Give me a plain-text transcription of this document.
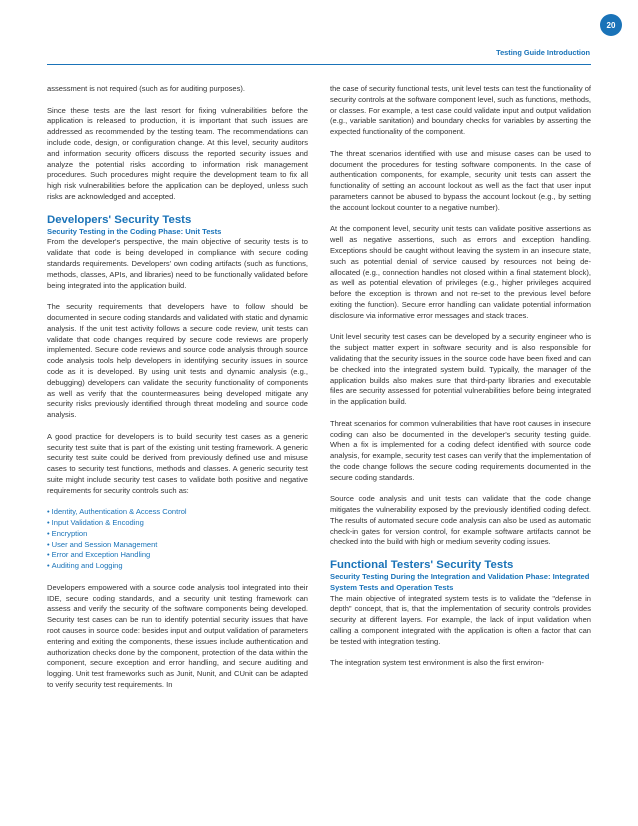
20
Testing Guide Introduction

assessment is not required (such as for auditing purposes).

Since these tests are the last resort for fixing vulnerabilities before the application is released to production, it is important that such issues are addressed as recommended by the testing team. The recommendations can include code, design, or configuration change. At this level, security auditors and information security officers discuss the reported security issues and analyze the potential risks according to information risk management procedures. Such procedures might require the development team to fix all high risk vulnerabilities before the application can be deployed, unless such risks are acknowledged and accepted.

Developers' Security Tests
Security Testing in the Coding Phase: Unit Tests

From the developer's perspective, the main objective of security tests is to validate that code is being developed in compliance with secure coding standards requirements. Developers' own coding artifacts (such as functions, methods, classes, APIs, and libraries) need to be functionally validated before being integrated into the application build.

The security requirements that developers have to follow should be documented in secure coding standards and validated with static and dynamic analysis. If the unit test activity follows a secure code review, unit tests can validate that code changes required by secure code reviews are properly implemented. Secure code reviews and source code analysis through source code analysis tools help developers in identifying security issues in source code as it is developed. By using unit tests and dynamic analysis (e.g., debugging) developers can validate the security functionality of components as well as verify that the countermeasures being developed mitigate any security risks previously identified through threat modeling and source code analysis.

A good practice for developers is to build security test cases as a generic security test suite that is part of the existing unit testing framework. A generic security test suite could be derived from previously defined use and misuse cases to security test functions, methods and classes. A generic security test suite might include security test cases to validate both positive and negative requirements for security controls such as:

• Identity, Authentication & Access Control
• Input Validation & Encoding
• Encryption
• User and Session Management
• Error and Exception Handling
• Auditing and Logging

Developers empowered with a source code analysis tool integrated into their IDE, secure coding standards, and a security unit testing framework can assess and verify the security of the software components being developed. Security test cases can be run to identify potential security issues that have root causes in source code: besides input and output validation of parameters entering and exiting the components, these issues include authentication and authorization checks done by the component, protection of the data within the component, secure exception and error handling, and secure auditing and logging. Unit test frameworks such as Junit, Nunit, and CUnit can be adapted to verify security test requirements. In

the case of security functional tests, unit level tests can test the functionality of security controls at the software component level, such as functions, methods, or classes. For example, a test case could validate input and output validation (e.g., variable sanitation) and boundary checks for variables by asserting the expected functionality of the component.

The threat scenarios identified with use and misuse cases can be used to document the procedures for testing software components. In the case of authentication components, for example, security unit tests can assert the functionality of setting an account lockout as well as the fact that user input parameters cannot be abused to bypass the account lockout (e.g., by setting the account lockout counter to a negative number).

At the component level, security unit tests can validate positive assertions as well as negative assertions, such as errors and exception handling. Exceptions should be caught without leaving the system in an insecure state, such as potential denial of service caused by resources not being de-allocated (e.g., connection handles not closed within a final statement block), as well as potential elevation of privileges (e.g., higher privileges acquired before the exception is thrown and not re-set to the previous level before exiting the function). Secure error handling can validate potential information disclosure via informative error messages and stack traces.

Unit level security test cases can be developed by a security engineer who is the subject matter expert in software security and is also responsible for validating that the security issues in the source code have been fixed and can be checked into the integrated system build. Typically, the manager of the application builds also makes sure that third-party libraries and executable files are security assessed for potential vulnerabilities before being integrated in the application build.

Threat scenarios for common vulnerabilities that have root causes in insecure coding can also be documented in the developer's security testing guide. When a fix is implemented for a coding defect identified with source code analysis, for example, security test cases can verify that the implementation of the code change follows the secure coding requirements documented in the secure coding standards.

Source code analysis and unit tests can validate that the code change mitigates the vulnerability exposed by the previously identified coding defect. The results of automated secure code analysis can also be used as automatic check-in gates for version control, for example software artifacts cannot be checked into the build with high or medium severity coding issues.

Functional Testers' Security Tests
Security Testing During the Integration and Validation Phase: Integrated System Tests and Operation Tests

The main objective of integrated system tests is to validate the "defense in depth" concept, that is, that the implementation of security controls provides security at different layers. For example, the lack of input validation when calling a component integrated with the application is often a factor that can be tested with integration testing.

The integration system test environment is also the first environ-
